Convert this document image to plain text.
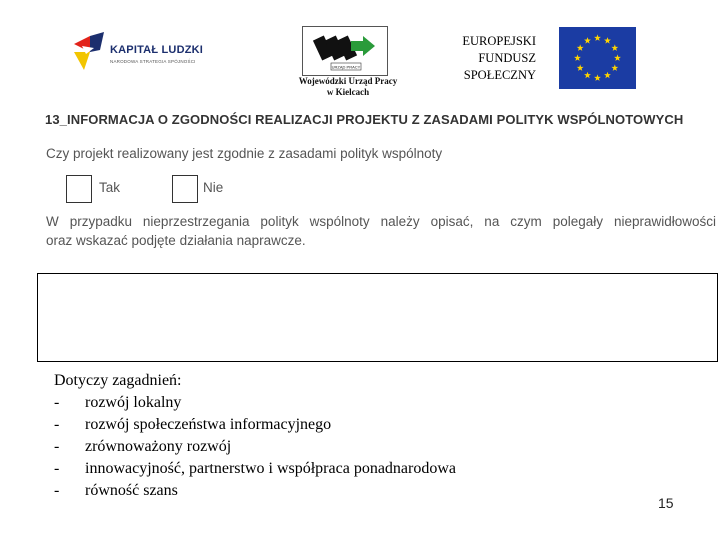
KAPITAŁ LUDZKI
NARODOWA STRATEGIA SPÓJNOŚCI
URZĄD PRACY
Wojewódzki Urząd Pracy
w Kielcach
EUROPEJSKI
FUNDUSZ
SPOŁECZNY
13_INFORMACJA O ZGODNOŚCI REALIZACJI PROJEKTU Z ZASADAMI POLITYK WSPÓLNOTOWYCH
Czy projekt realizowany jest zgodnie z zasadami polityk wspólnoty
Tak	Nie
W przypadku nieprzestrzegania polityk wspólnoty należy opisać, na czym polegały nieprawidłowości
oraz wskazać podjęte działania naprawcze.
Dotyczy zagadnień:
-	rozwój lokalny
-	rozwój społeczeństwa informacyjnego
-	zrównoważony rozwój
-	innowacyjność, partnerstwo i współpraca ponadnarodowa
-	równość szans
15
